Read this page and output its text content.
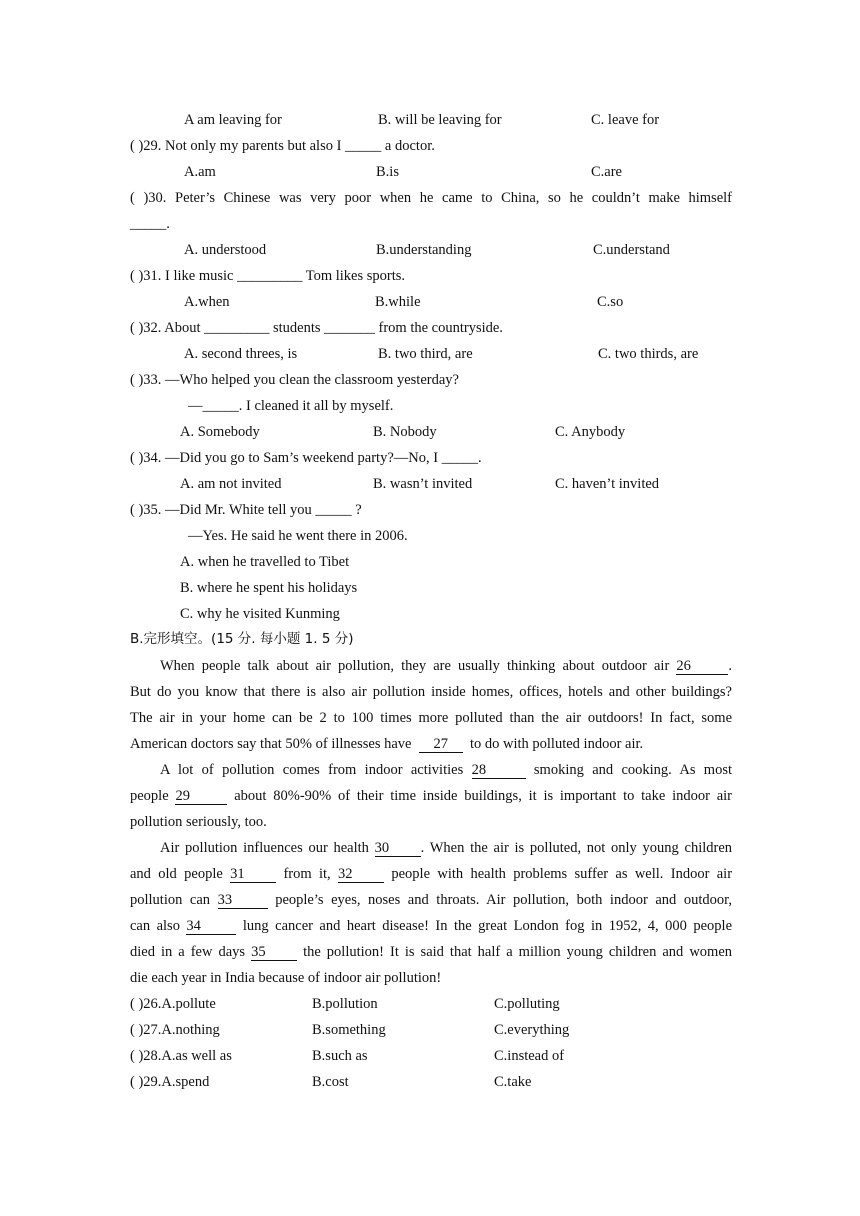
A am leaving for	B. will be leaving for	C. leave for
( )29. Not only my parents but also I _____ a doctor.
A.am	B.is	C.are
( )30. Peter’s Chinese was very poor when he came to China, so he couldn’t make himself
_____.
A. understood	B.understanding	C.understand
( )31. I like music _________ Tom likes sports.
A.when	B.while	C.so
( )32. About _________ students _______ from the countryside.
A. second threes, is	B. two third, are	C. two thirds, are
( )33. —Who helped you clean the classroom yesterday?
—_____. I cleaned it all by myself.
A. Somebody	B. Nobody	C. Anybody
( )34. —Did you go to Sam’s weekend party?—No, I _____.
A. am not invited	B. wasn’t invited	C. haven’t invited
( )35. —Did Mr. White tell you _____ ?
—Yes. He said he went there in 2006.
A. when he travelled to Tibet
B. where he spent his holidays
C. why he visited Kunming
B.完形填空。(15 分. 每小题 1. 5 分)
When people talk about air pollution, they are usually thinking about outdoor air 26	.
But do you know that there is also air pollution inside homes, offices, hotels and other buildings?
The air in your home can be 2 to 100 times more polluted than the air outdoors! In fact, some
American doctors say that 50% of illnesses have 27 to do with polluted indoor air.
A lot of pollution comes from indoor activities 28	smoking and cooking. As most
people 29	about 80%-90% of their time inside buildings, it is important to take indoor air
pollution seriously, too.
Air pollution influences our health 30 . When the air is polluted, not only young children
and old people 31	from it, 32	people with health problems suffer as well. Indoor air
pollution can 33	people’s eyes, noses and throats. Air pollution, both indoor and outdoor,
can also 34	lung cancer and heart disease! In the great London fog in 1952, 4, 000 people
died in a few days 35	the pollution! It is said that half a million young children and women
die each year in India because of indoor air pollution!
( )26.A.pollute	B.pollution	C.polluting
( )27.A.nothing	B.something	C.everything
( )28.A.as well as	B.such as	C.instead of
( )29.A.spend	B.cost	C.take
